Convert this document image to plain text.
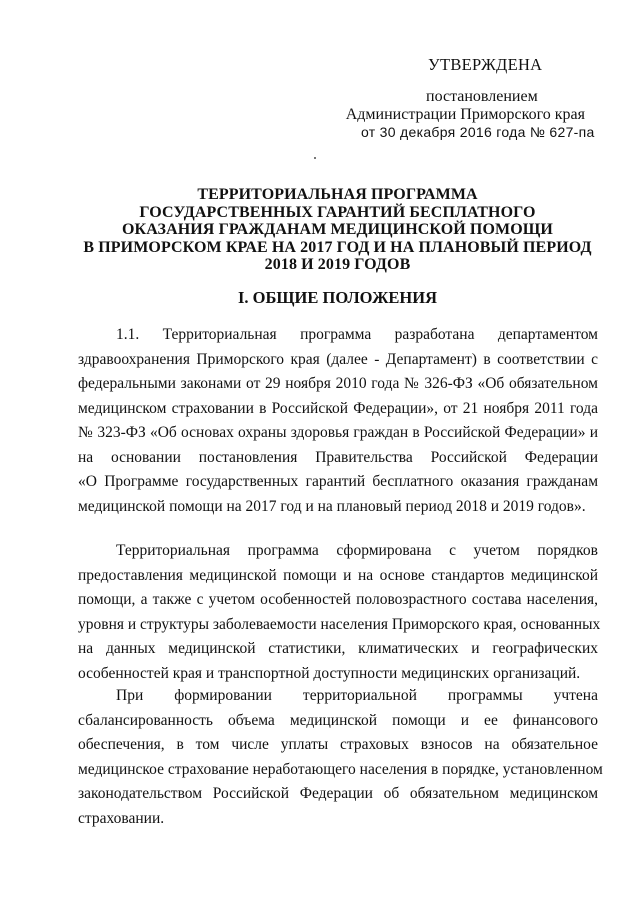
УТВЕРЖДЕНА
постановлением
Администрации Приморского края
от 30 декабря 2016 года № 627-па
ТЕРРИТОРИАЛЬНАЯ ПРОГРАММА
ГОСУДАРСТВЕННЫХ ГАРАНТИЙ БЕСПЛАТНОГО
ОКАЗАНИЯ ГРАЖДАНАМ МЕДИЦИНСКОЙ ПОМОЩИ
В ПРИМОРСКОМ КРАЕ НА 2017 ГОД И НА ПЛАНОВЫЙ ПЕРИОД
2018 И 2019 ГОДОВ
I. ОБЩИЕ ПОЛОЖЕНИЯ
1.1. Территориальная программа разработана департаментом
здравоохранения Приморского края (далее - Департамент) в соответствии с
федеральными законами от 29 ноября 2010 года № 326-ФЗ «Об обязательном
медицинском страховании в Российской Федерации», от 21 ноября 2011 года
№ 323-ФЗ «Об основах охраны здоровья граждан в Российской Федерации» и
на основании постановления Правительства Российской Федерации
«О Программе государственных гарантий бесплатного оказания гражданам
медицинской помощи на 2017 год и на плановый период 2018 и 2019 годов».
Территориальная программа сформирована с учетом порядков
предоставления медицинской помощи и на основе стандартов медицинской
помощи, а также с учетом особенностей половозрастного состава населения,
уровня и структуры заболеваемости населения Приморского края, основанных
на данных медицинской статистики, климатических и географических
особенностей края и транспортной доступности медицинских организаций.
При формировании территориальной программы учтена
сбалансированность объема медицинской помощи и ее финансового
обеспечения, в том числе уплаты страховых взносов на обязательное
медицинское страхование неработающего населения в порядке, установленном
законодательством Российской Федерации об обязательном медицинском
страховании.
